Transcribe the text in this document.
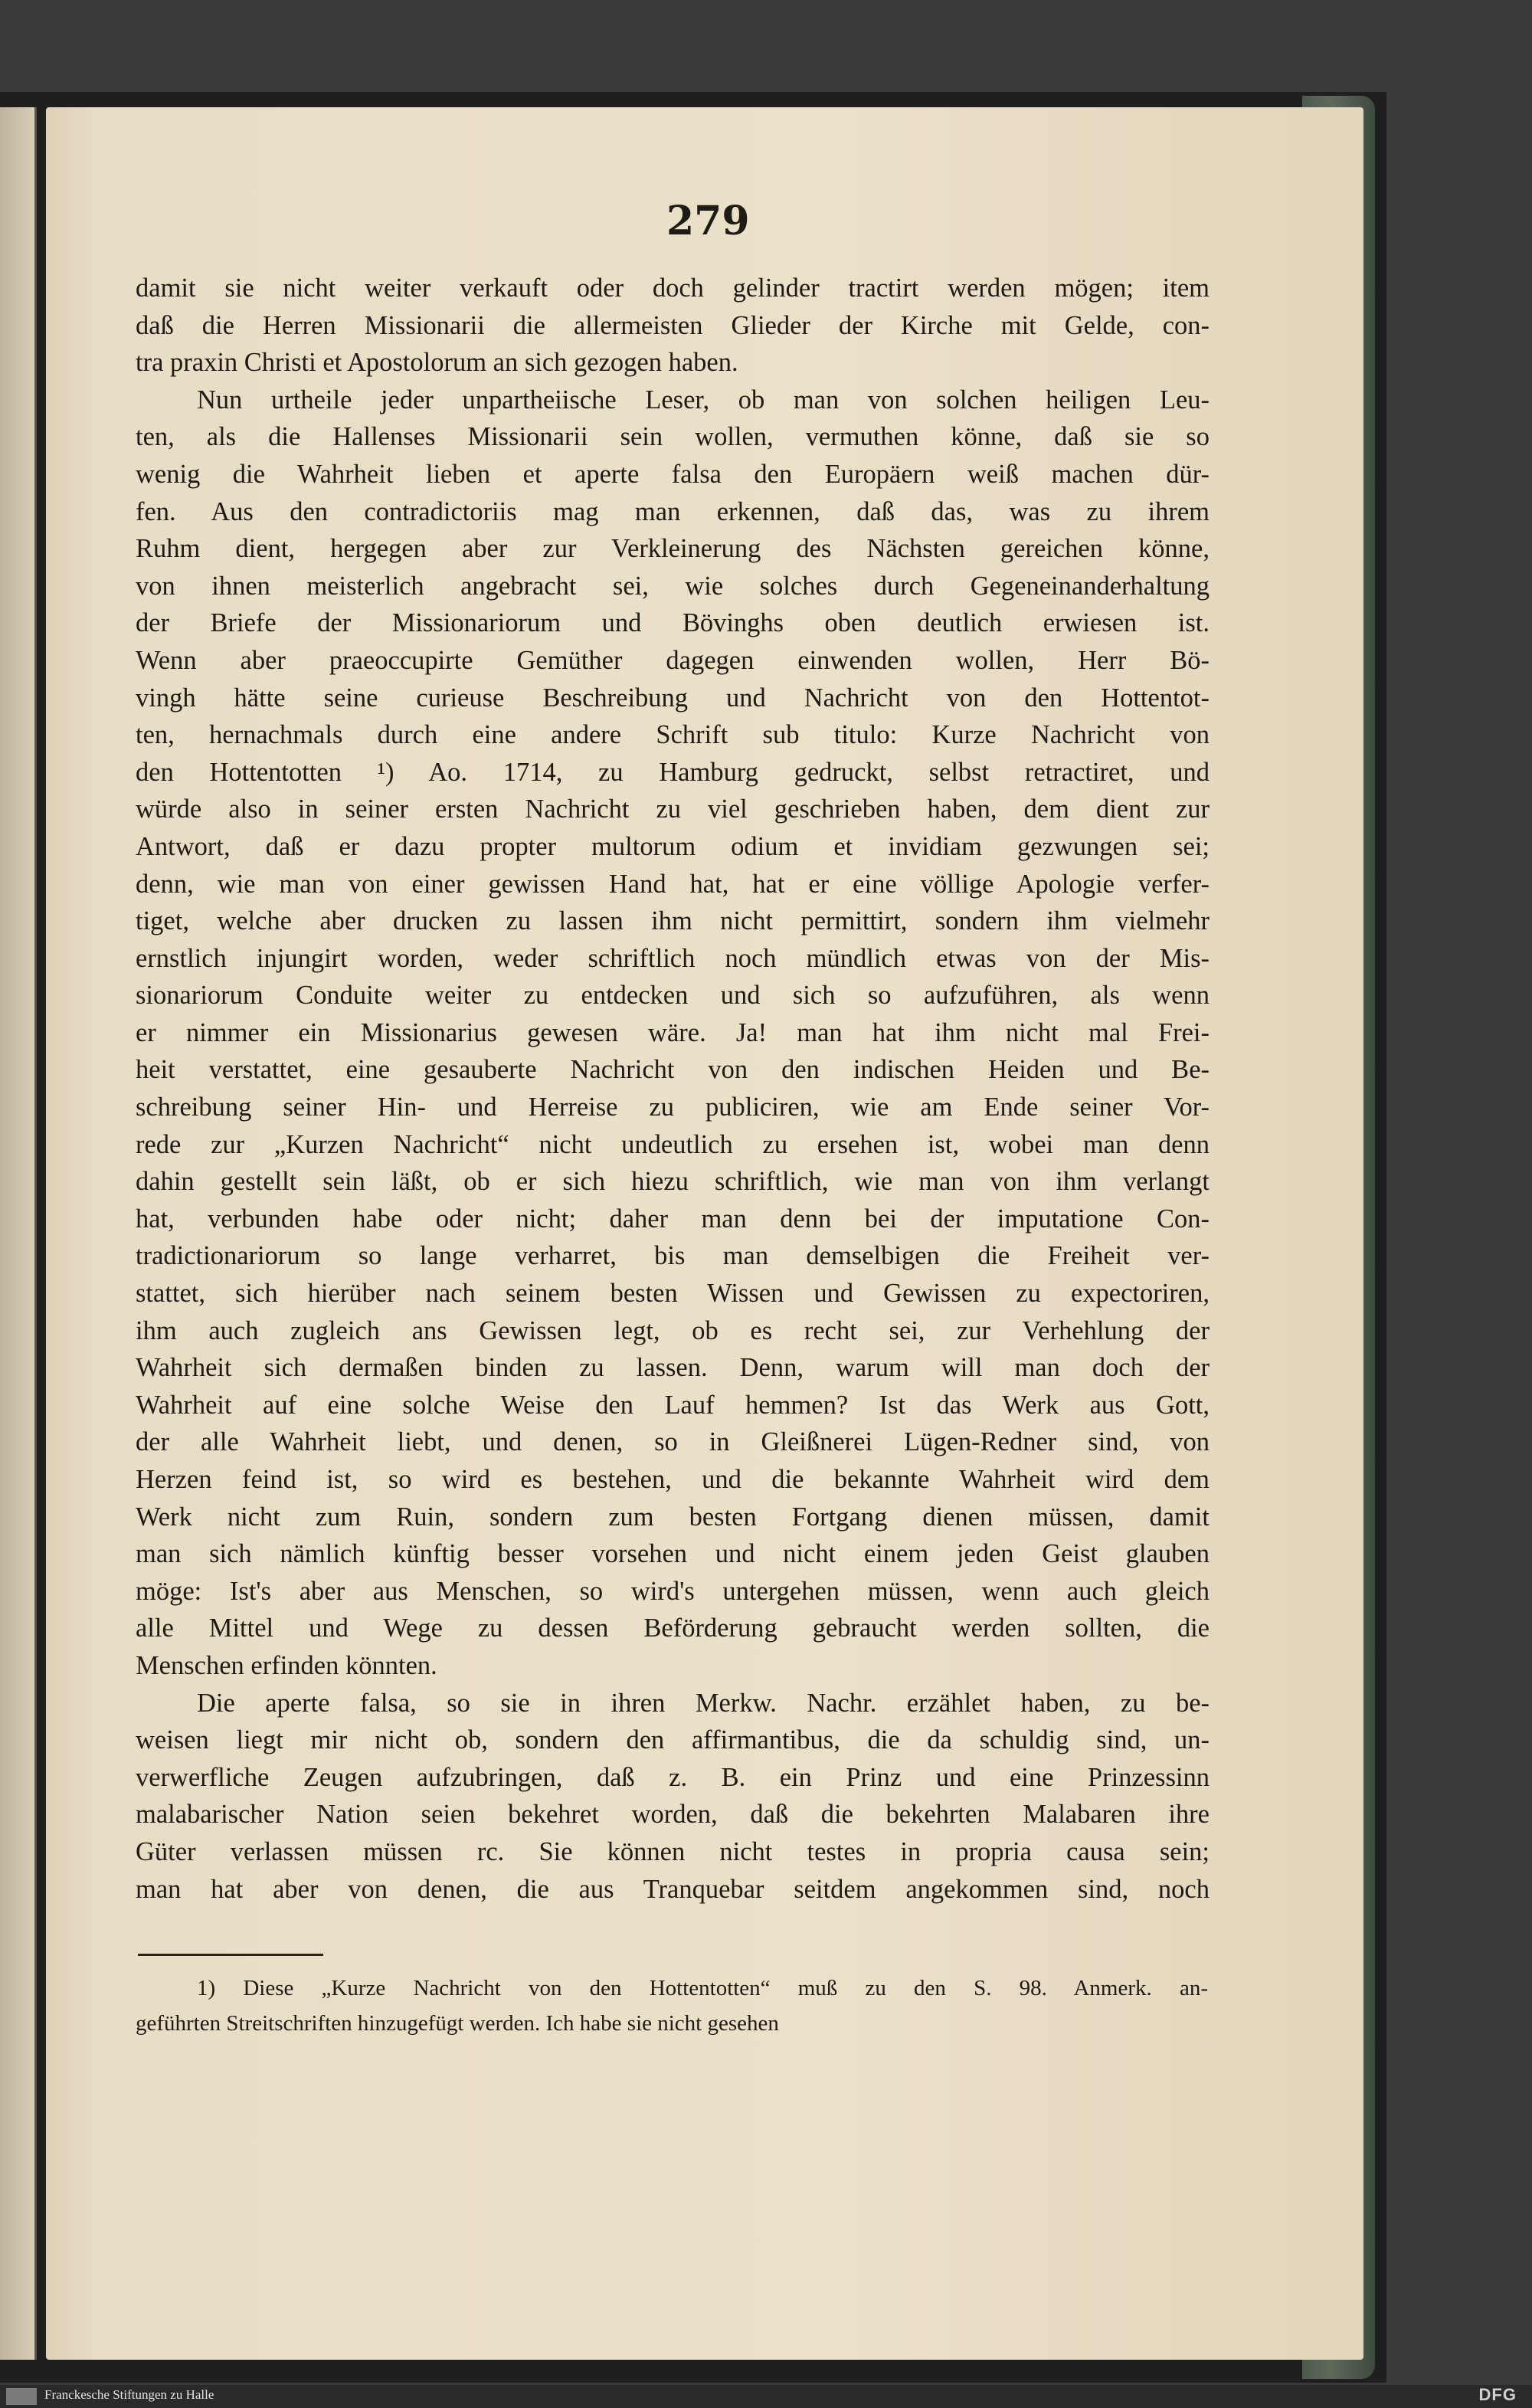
279
damit sie nicht weiter verkauft oder doch gelinder tractirt werden mögen; item
daß die Herren Missionarii die allermeisten Glieder der Kirche mit Gelde, con-
tra praxin Christi et Apostolorum an sich gezogen haben.
Nun urtheile jeder unpartheiische Leser, ob man von solchen heiligen Leu-
ten, als die Hallenses Missionarii sein wollen, vermuthen könne, daß sie so
wenig die Wahrheit lieben et aperte falsa den Europäern weiß machen dür-
fen. Aus den contradictoriis mag man erkennen, daß das, was zu ihrem
Ruhm dient, hergegen aber zur Verkleinerung des Nächsten gereichen könne,
von ihnen meisterlich angebracht sei, wie solches durch Gegeneinanderhaltung
der Briefe der Missionariorum und Bövinghs oben deutlich erwiesen ist.
Wenn aber praeoccupirte Gemüther dagegen einwenden wollen, Herr Bö-
vingh hätte seine curieuse Beschreibung und Nachricht von den Hottentot-
ten, hernachmals durch eine andere Schrift sub titulo: Kurze Nachricht von
den Hottentotten ¹) Ao. 1714, zu Hamburg gedruckt, selbst retractiret, und
würde also in seiner ersten Nachricht zu viel geschrieben haben, dem dient zur
Antwort, daß er dazu propter multorum odium et invidiam gezwungen sei;
denn, wie man von einer gewissen Hand hat, hat er eine völlige Apologie verfer-
tiget, welche aber drucken zu lassen ihm nicht permittirt, sondern ihm vielmehr
ernstlich injungirt worden, weder schriftlich noch mündlich etwas von der Mis-
sionariorum Conduite weiter zu entdecken und sich so aufzuführen, als wenn
er nimmer ein Missionarius gewesen wäre. Ja! man hat ihm nicht mal Frei-
heit verstattet, eine gesauberte Nachricht von den indischen Heiden und Be-
schreibung seiner Hin- und Herreise zu publiciren, wie am Ende seiner Vor-
rede zur „Kurzen Nachricht“ nicht undeutlich zu ersehen ist, wobei man denn
dahin gestellt sein läßt, ob er sich hiezu schriftlich, wie man von ihm verlangt
hat, verbunden habe oder nicht; daher man denn bei der imputatione Con-
tradictionariorum so lange verharret, bis man demselbigen die Freiheit ver-
stattet, sich hierüber nach seinem besten Wissen und Gewissen zu expectoriren,
ihm auch zugleich ans Gewissen legt, ob es recht sei, zur Verhehlung der
Wahrheit sich dermaßen binden zu lassen. Denn, warum will man doch der
Wahrheit auf eine solche Weise den Lauf hemmen? Ist das Werk aus Gott,
der alle Wahrheit liebt, und denen, so in Gleißnerei Lügen-Redner sind, von
Herzen feind ist, so wird es bestehen, und die bekannte Wahrheit wird dem
Werk nicht zum Ruin, sondern zum besten Fortgang dienen müssen, damit
man sich nämlich künftig besser vorsehen und nicht einem jeden Geist glauben
möge: Ist's aber aus Menschen, so wird's untergehen müssen, wenn auch gleich
alle Mittel und Wege zu dessen Beförderung gebraucht werden sollten, die
Menschen erfinden könnten.
Die aperte falsa, so sie in ihren Merkw. Nachr. erzählet haben, zu be-
weisen liegt mir nicht ob, sondern den affirmantibus, die da schuldig sind, un-
verwerfliche Zeugen aufzubringen, daß z. B. ein Prinz und eine Prinzessinn
malabarischer Nation seien bekehret worden, daß die bekehrten Malabaren ihre
Güter verlassen müssen rc. Sie können nicht testes in propria causa sein;
man hat aber von denen, die aus Tranquebar seitdem angekommen sind, noch
1) Diese „Kurze Nachricht von den Hottentotten“ muß zu den S. 98. Anmerk. an-
geführten Streitschriften hinzugefügt werden. Ich habe sie nicht gesehen
Franckesche Stiftungen zu Halle	DFG
